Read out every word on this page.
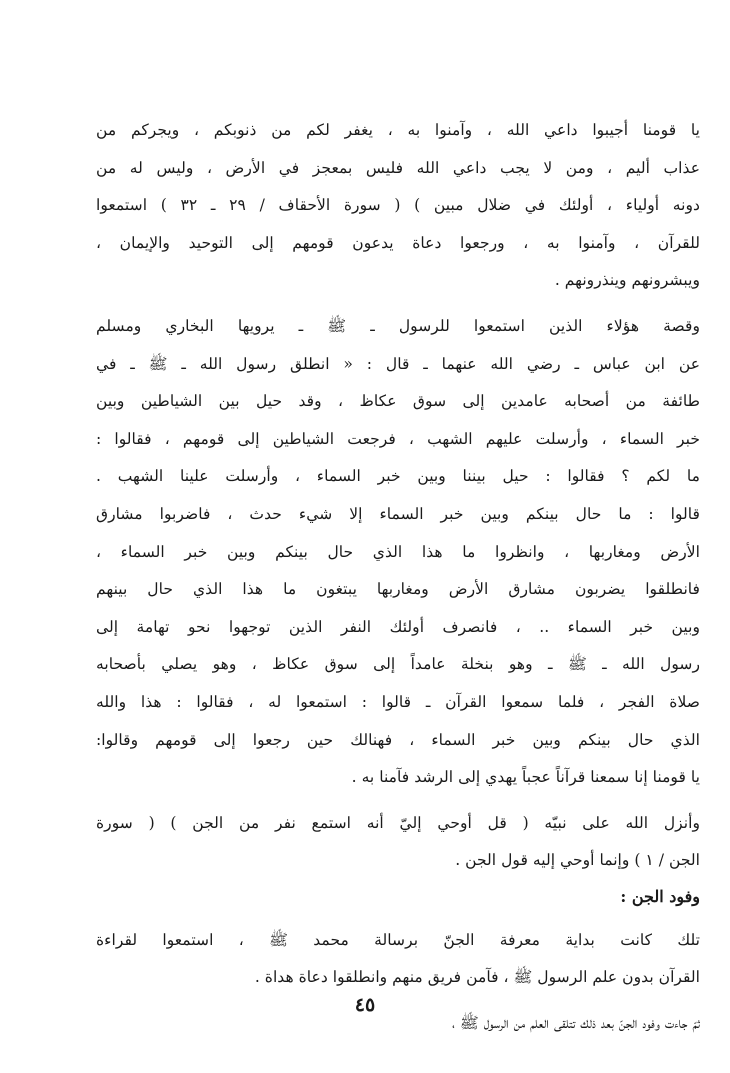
يا قومنا أجيبوا داعي الله ، وآمنوا به ، يغفر لكم من ذنوبكم ، ويجركم من
عذاب أليم ، ومن لا يجب داعي الله فليس بمعجز في الأرض ، وليس له من
دونه أولياء ، أولئك في ضلال مبين ) ( سورة الأحقاف / ٢٩ ـ ٣٢ ) استمعوا
للقرآن ، وآمنوا به ، ورجعوا دعاة يدعون قومهم إلى التوحيد والإيمان ،
ويبشرونهم وينذرونهم .
وقصة هؤلاء الذين استمعوا للرسول ـ ﷺ ـ يرويها البخاري ومسلم
عن ابن عباس ـ رضي الله عنهما ـ قال : « انطلق رسول الله ـ ﷺ ـ في
طائفة من أصحابه عامدين إلى سوق عكاظ ، وقد حيل بين الشياطين وبين
خبر السماء ، وأرسلت عليهم الشهب ، فرجعت الشياطين إلى قومهم ، فقالوا :
ما لكم ؟ فقالوا : حيل بيننا وبين خبر السماء ، وأرسلت علينا الشهب .
قالوا : ما حال بينكم وبين خبر السماء إلا شيء حدث ، فاضربوا مشارق
الأرض ومغاربها ، وانظروا ما هذا الذي حال بينكم وبين خبر السماء ،
فانطلقوا يضربون مشارق الأرض ومغاربها يبتغون ما هذا الذي حال بينهم
وبين خبر السماء .. ، فانصرف أولئك النفر الذين توجهوا نحو تهامة إلى
رسول الله ـ ﷺ ـ وهو بنخلة عامداً إلى سوق عكاظ ، وهو يصلي بأصحابه
صلاة الفجر ، فلما سمعوا القرآن ـ قالوا : استمعوا له ، فقالوا : هذا والله
الذي حال بينكم وبين خبر السماء ، فهنالك حين رجعوا إلى قومهم وقالوا:
يا قومنا إنا سمعنا قرآناً عجباً يهدي إلى الرشد فآمنا به .
وأنزل الله على نبيّه ( قل أوحي إليّ أنه استمع نفر من الجن ) ( سورة
الجن / ١ ) وإنما أوحي إليه قول الجن .
وفود الجن :
تلك كانت بداية معرفة الجنّ برسالة محمد ﷺ ، استمعوا لقراءة
القرآن بدون علم الرسول ﷺ ، فآمن فريق منهم وانطلقوا دعاة هداة .
ثمّ جاءت وفود الجنّ بعد ذلك تتلقى العلم من الرسول ﷺ ،
٤٥
